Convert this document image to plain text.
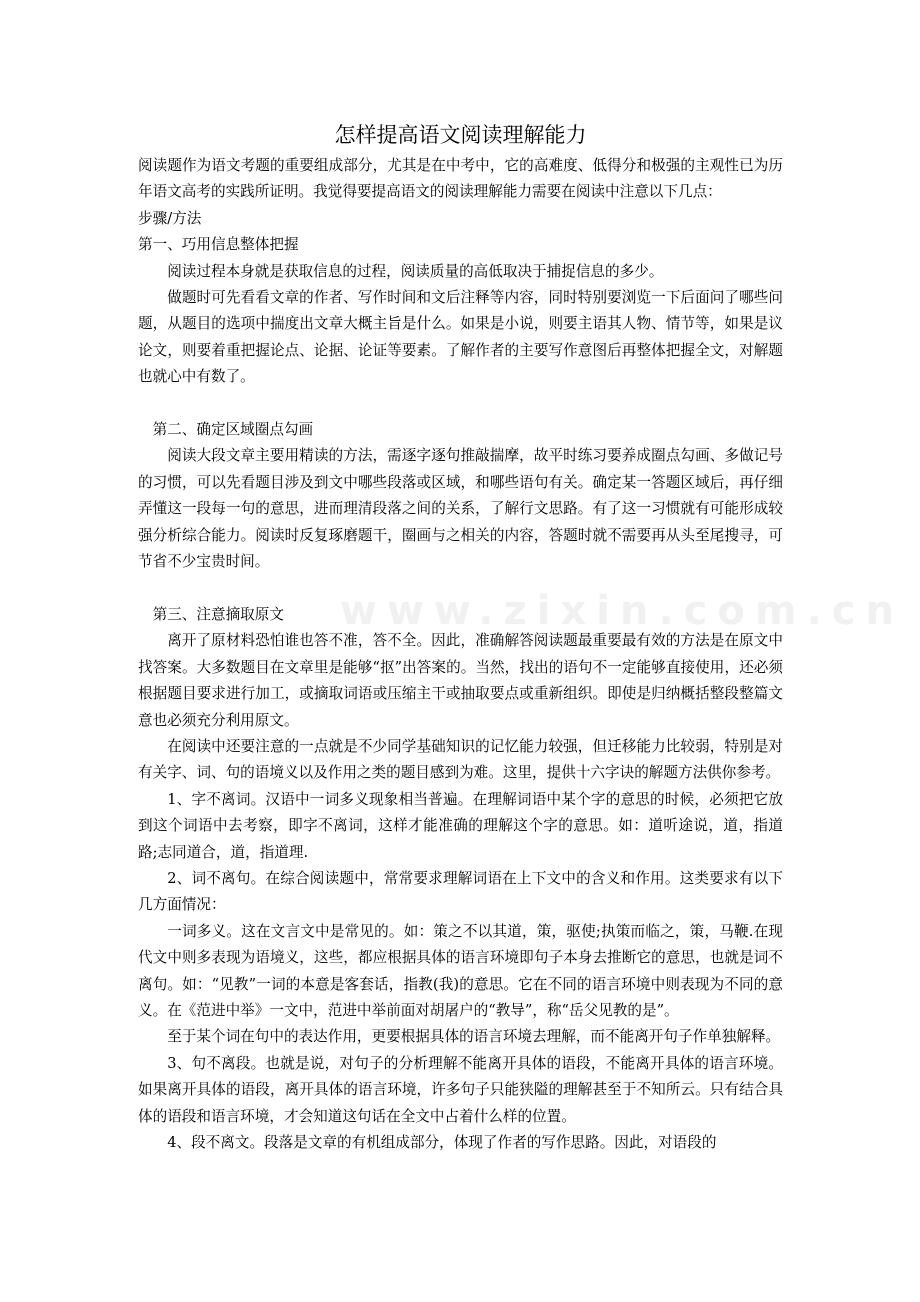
www.zixin.com.cn
怎样提高语文阅读理解能力

阅读题作为语文考题的重要组成部分，尤其是在中考中，它的高难度、低得分和极强的主观性已为历年语文高考的实践所证明。我觉得要提高语文的阅读理解能力需要在阅读中注意以下几点：

步骤/方法

第一、巧用信息整体把握

阅读过程本身就是获取信息的过程，阅读质量的高低取决于捕捉信息的多少。

做题时可先看看文章的作者、写作时间和文后注释等内容，同时特别要浏览一下后面问了哪些问题，从题目的选项中揣度出文章大概主旨是什么。如果是小说，则要主语其人物、情节等，如果是议论文，则要着重把握论点、论据、论证等要素。了解作者的主要写作意图后再整体把握全文，对解题也就心中有数了。

第二、确定区域圈点勾画

阅读大段文章主要用精读的方法，需逐字逐句推敲揣摩，故平时练习要养成圈点勾画、多做记号的习惯，可以先看题目涉及到文中哪些段落或区域，和哪些语句有关。确定某一答题区域后，再仔细弄懂这一段每一句的意思，进而理清段落之间的关系，了解行文思路。有了这一习惯就有可能形成较强分析综合能力。阅读时反复琢磨题干，圈画与之相关的内容，答题时就不需要再从头至尾搜寻，可节省不少宝贵时间。

第三、注意摘取原文

离开了原材料恐怕谁也答不准，答不全。因此，准确解答阅读题最重要最有效的方法是在原文中找答案。大多数题目在文章里是能够“抠”出答案的。当然，找出的语句不一定能够直接使用，还必须根据题目要求进行加工，或摘取词语或压缩主干或抽取要点或重新组织。即使是归纳概括整段整篇文意也必须充分利用原文。

在阅读中还要注意的一点就是不少同学基础知识的记忆能力较强，但迁移能力比较弱，特别是对有关字、词、句的语境义以及作用之类的题目感到为难。这里，提供十六字诀的解题方法供你参考。

1、字不离词。汉语中一词多义现象相当普遍。在理解词语中某个字的意思的时候，必须把它放到这个词语中去考察，即字不离词，这样才能准确的理解这个字的意思。如：道听途说，道，指道路;志同道合，道，指道理.

2、词不离句。在综合阅读题中，常常要求理解词语在上下文中的含义和作用。这类要求有以下几方面情况：

一词多义。这在文言文中是常见的。如：策之不以其道，策，驱使;执策而临之，策，马鞭.在现代文中则多表现为语境义，这些，都应根据具体的语言环境即句子本身去推断它的意思，也就是词不离句。如：“见教”一词的本意是客套话，指教(我)的意思。它在不同的语言环境中则表现为不同的意义。在《范进中举》一文中，范进中举前面对胡屠户的“教导”，称“岳父见教的是”。

至于某个词在句中的表达作用，更要根据具体的语言环境去理解，而不能离开句子作单独解释。

3、句不离段。也就是说，对句子的分析理解不能离开具体的语段，不能离开具体的语言环境。如果离开具体的语段，离开具体的语言环境，许多句子只能狭隘的理解甚至于不知所云。只有结合具体的语段和语言环境，才会知道这句话在全文中占着什么样的位置。

4、段不离文。段落是文章的有机组成部分，体现了作者的写作思路。因此，对语段的
